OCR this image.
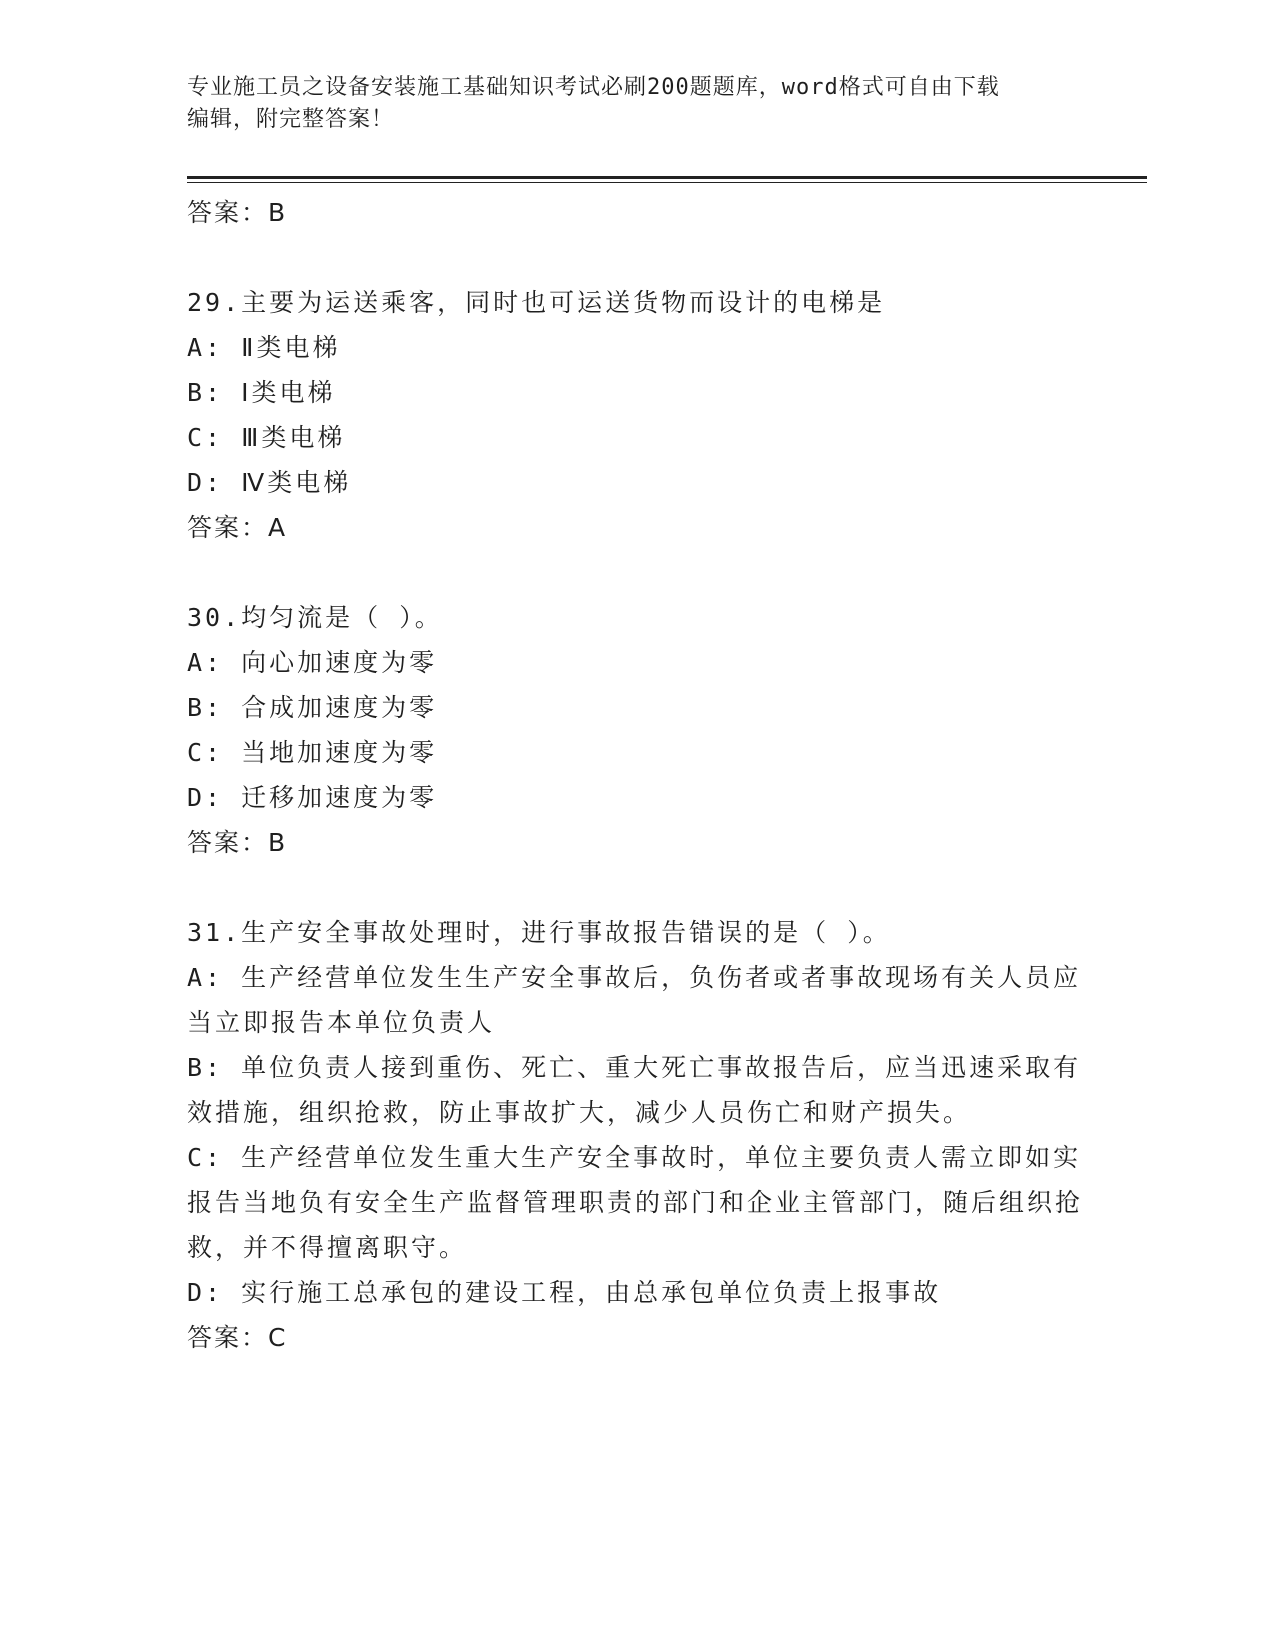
专业施工员之设备安装施工基础知识考试必刷200题题库，word格式可自由下载
编辑，附完整答案！
答案：B
29.主要为运送乘客，同时也可运送货物而设计的电梯是
A: Ⅱ类电梯
B: Ⅰ类电梯
C: Ⅲ类电梯
D: Ⅳ类电梯
答案：A
30.均匀流是（ ）。
A: 向心加速度为零
B: 合成加速度为零
C: 当地加速度为零
D: 迁移加速度为零
答案：B
31.生产安全事故处理时，进行事故报告错误的是（ ）。
A: 生产经营单位发生生产安全事故后，负伤者或者事故现场有关人员应当立即报告本单位负责人
B: 单位负责人接到重伤、死亡、重大死亡事故报告后，应当迅速采取有效措施，组织抢救，防止事故扩大，减少人员伤亡和财产损失。
C: 生产经营单位发生重大生产安全事故时，单位主要负责人需立即如实报告当地负有安全生产监督管理职责的部门和企业主管部门，随后组织抢救，并不得擅离职守。
D: 实行施工总承包的建设工程，由总承包单位负责上报事故
答案：C
